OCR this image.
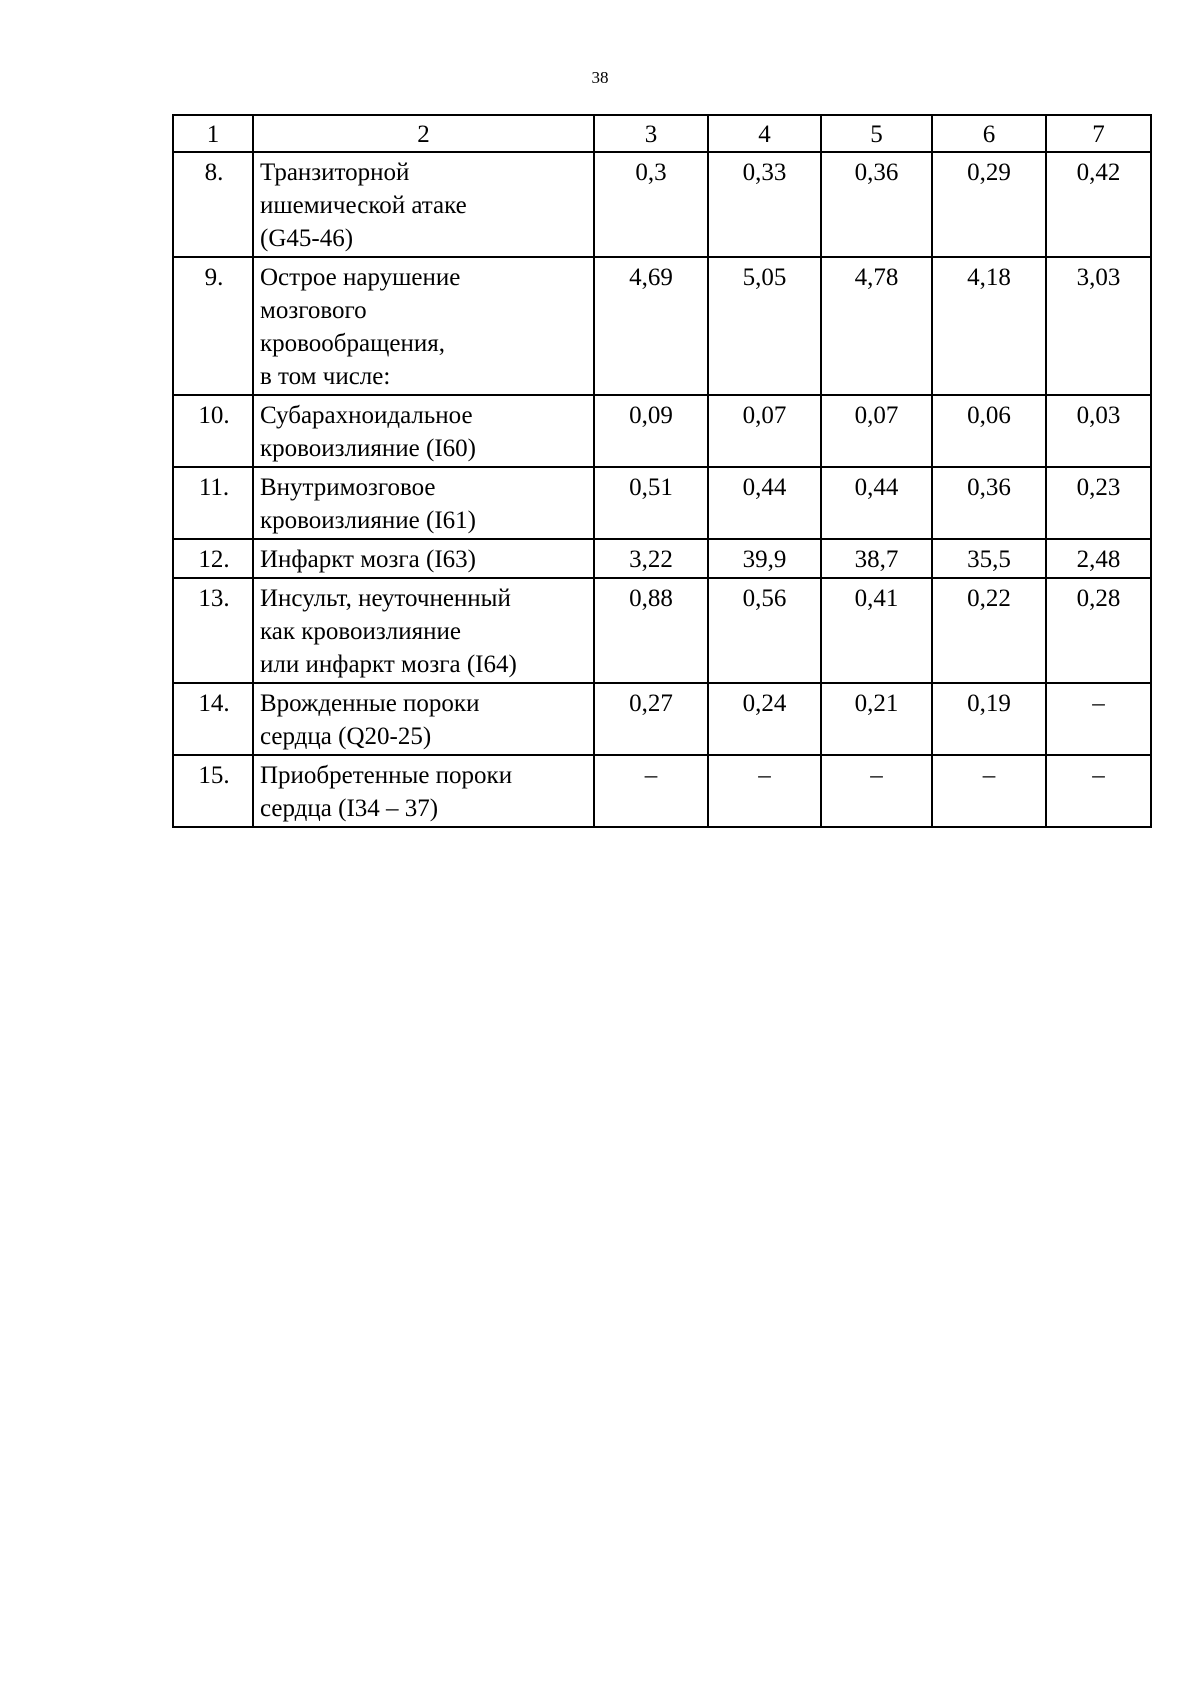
38
1	2	3	4	5	6	7
8.	Транзиторной
ишемической атаке
(G45-46)	0,3	0,33	0,36	0,29	0,42
9.	Острое нарушение
мозгового
кровообращения,
в том числе:	4,69	5,05	4,78	4,18	3,03
10.	Субарахноидальное
кровоизлияние (I60)	0,09	0,07	0,07	0,06	0,03
11.	Внутримозговое
кровоизлияние (I61)	0,51	0,44	0,44	0,36	0,23
12.	Инфаркт мозга (I63)	3,22	39,9	38,7	35,5	2,48
13.	Инсульт, неуточненный
как кровоизлияние
или инфаркт мозга (I64)	0,88	0,56	0,41	0,22	0,28
14.	Врожденные пороки
сердца (Q20-25)	0,27	0,24	0,21	0,19	–
15.	Приобретенные пороки
сердца (I34 – 37)	–	–	–	–	–
